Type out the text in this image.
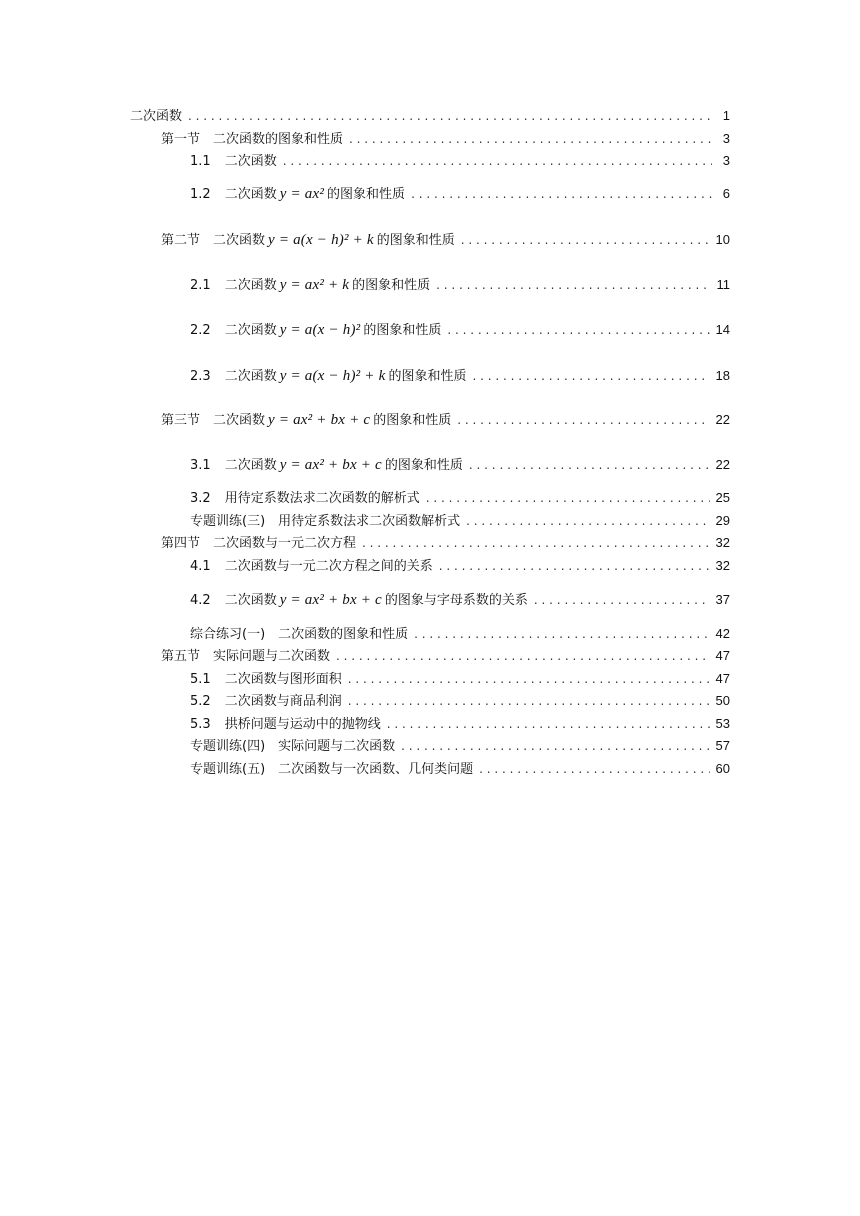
二次函数 . . .	1
第一节　二次函数的图象和性质 . . .	3
1.1 二次函数 . . .	3
1.2 二次函数 y = ax² 的图象和性质 . . .	6
第二节　二次函数 y = a(x − h)² + k 的图象和性质 . . .	10
2.1 二次函数 y = ax² + k 的图象和性质 . . .	11
2.2 二次函数 y = a(x − h)² 的图象和性质 . . .	14
2.3 二次函数 y = a(x − h)² + k 的图象和性质 . . .	18
第三节　二次函数 y = ax² + bx + c 的图象和性质 . . .	22
3.1 二次函数 y = ax² + bx + c 的图象和性质 . . .	22
3.2 用待定系数法求二次函数的解析式 . . .	25
专题训练(三)　用待定系数法求二次函数解析式 . . .	29
第四节　二次函数与一元二次方程 . . .	32
4.1 二次函数与一元二次方程之间的关系 . . .	32
4.2 二次函数 y = ax² + bx + c 的图象与字母系数的关系 . . .	37
综合练习(一)　二次函数的图象和性质 . . .	42
第五节　实际问题与二次函数 . . .	47
5.1 二次函数与图形面积 . . .	47
5.2 二次函数与商品利润 . . .	50
5.3 拱桥问题与运动中的抛物线 . . .	53
专题训练(四)　实际问题与二次函数 . . .	57
专题训练(五)　二次函数与一次函数、几何类问题 . . .	60
